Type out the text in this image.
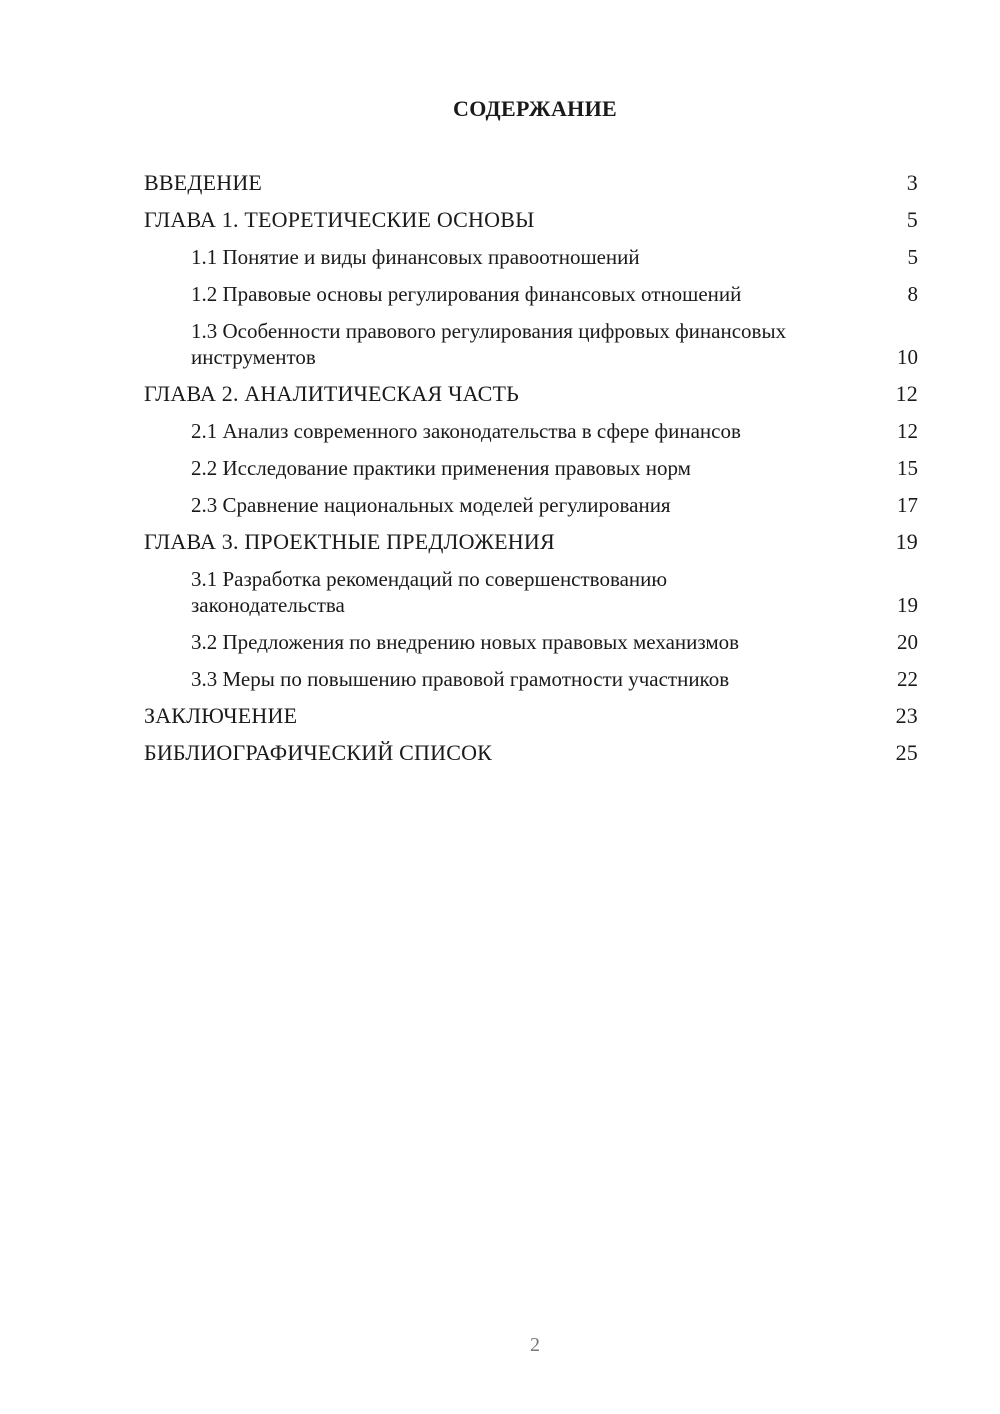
СОДЕРЖАНИЕ
ВВЕДЕНИЕ	3
ГЛАВА 1. ТЕОРЕТИЧЕСКИЕ ОСНОВЫ	5
1.1 Понятие и виды финансовых правоотношений	5
1.2 Правовые основы регулирования финансовых отношений	8
1.3 Особенности правового регулирования цифровых финансовых инструментов	10
ГЛАВА 2. АНАЛИТИЧЕСКАЯ ЧАСТЬ	12
2.1 Анализ современного законодательства в сфере финансов	12
2.2 Исследование практики применения правовых норм	15
2.3 Сравнение национальных моделей регулирования	17
ГЛАВА 3. ПРОЕКТНЫЕ ПРЕДЛОЖЕНИЯ	19
3.1 Разработка рекомендаций по совершенствованию законодательства	19
3.2 Предложения по внедрению новых правовых механизмов	20
3.3 Меры по повышению правовой грамотности участников	22
ЗАКЛЮЧЕНИЕ	23
БИБЛИОГРАФИЧЕСКИЙ СПИСОК	25
2
